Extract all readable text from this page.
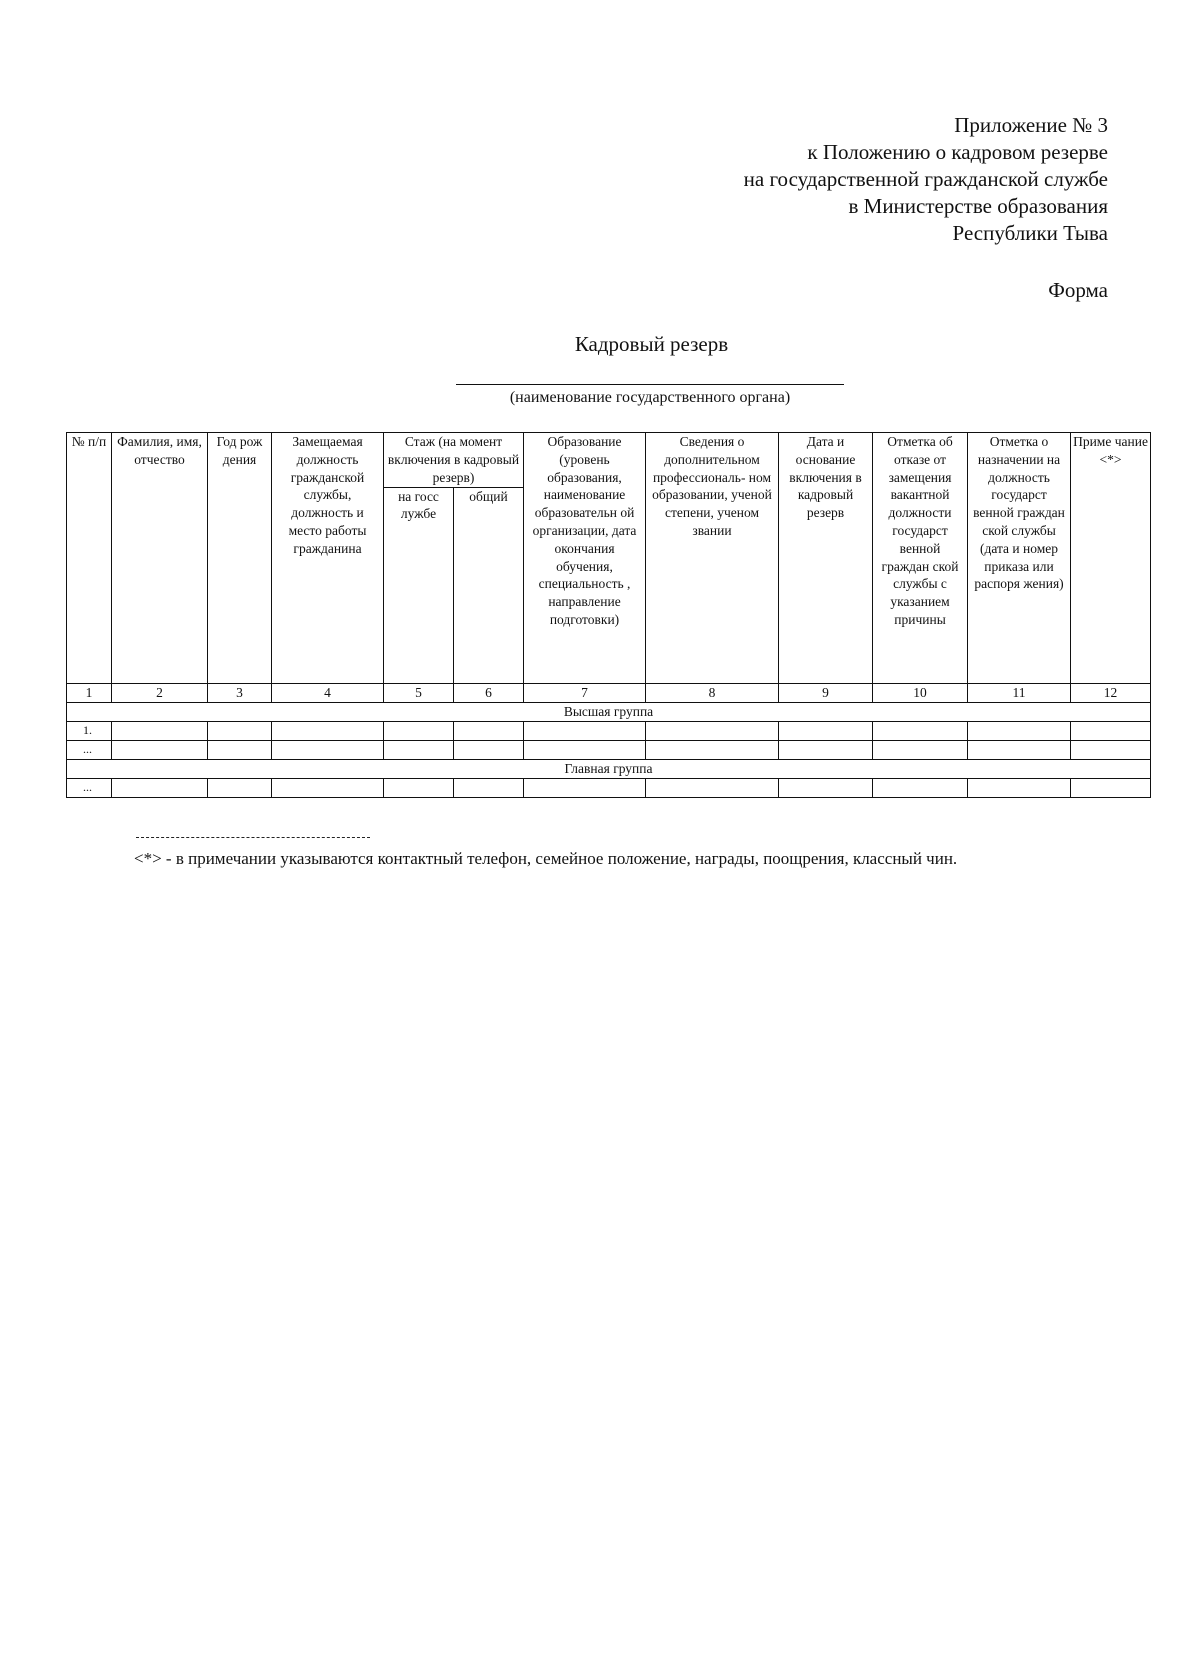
Приложение № 3
к Положению о кадровом резерве
на государственной гражданской службе
в Министерстве образования
Республики Тыва
Форма
Кадровый резерв
(наименование государственного органа)
№ п/п	Фамилия, имя, отчество	Год рож дения	Замещаемая должность гражданской службы, должность и место работы гражданина	Стаж (на момент включения в кадровый резерв)		Образование (уровень образования, наименование образовательн ой организации, дата окончания обучения, специальность , направление подготовки)	Сведения о дополнительном профессиональ- ном образовании, ученой степени, ученом звании	Дата и основание включения в кадровый резерв	Отметка об отказе от замещения вакантной должности государст венной граждан ской службы с указанием причины	Отметка о назначении на должность государст венной граждан ской службы (дата и номер приказа или распоря жения)	Приме чание <*>
				на госс лужбе	общий						
1	2	3	4	5	6	7	8	9	10	11	12
Высшая группа											
1.											
...											
Главная группа											
...											
<*> - в примечании указываются контактный телефон, семейное положение, награды, поощрения, классный чин.
